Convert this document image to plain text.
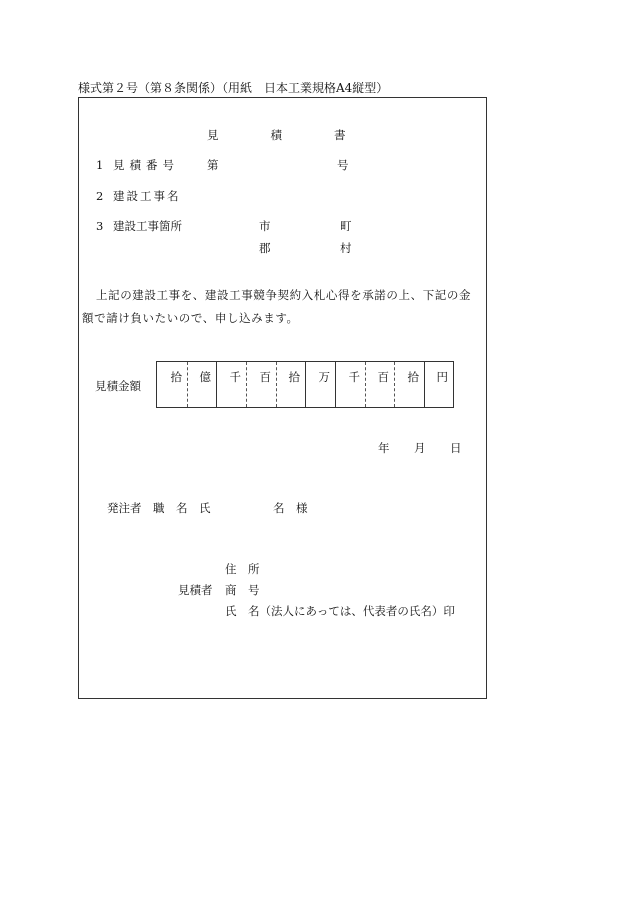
様式第２号（第８条関係）（用紙　日本工業規格A4縦型）
見積書
1 見積番号 第	号
2 建設工事名
3 建設工事箇所	市	町
郡	村
上記の建設工事を、建設工事競争契約入札心得を承諾の上、下記の金
額で請け負いたいので、申し込みます。
見積金額
拾	億	千	百	拾	万	千	百	拾	円
年 月 日
発注者 職　名　氏	名　様
住　所
見積者 商　号
氏　名（法人にあっては、代表者の氏名）印
